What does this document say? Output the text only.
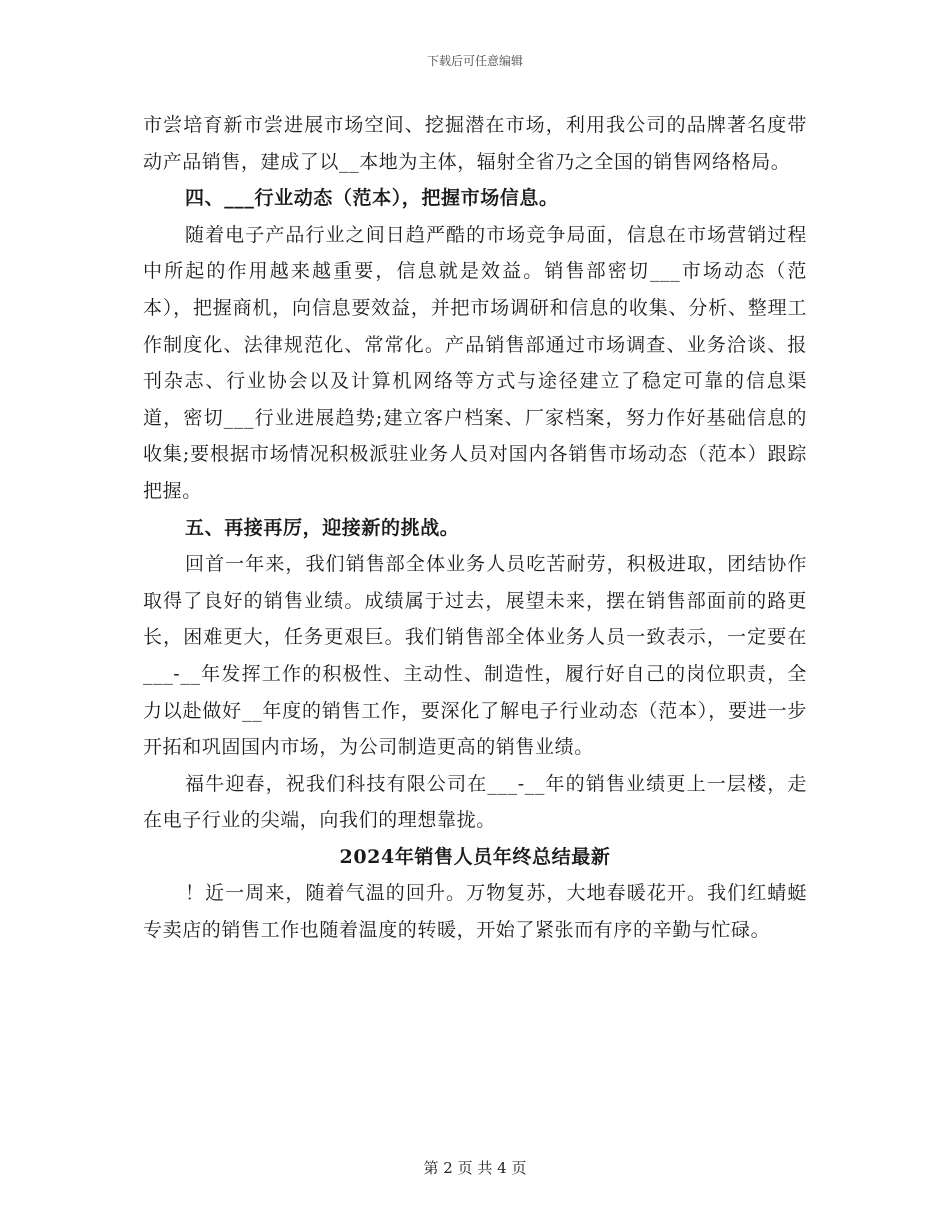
下载后可任意编辑

市尝培育新市尝进展市场空间、挖掘潜在市场，利用我公司的品牌著名度带动产品销售，建成了以__本地为主体，辐射全省乃之全国的销售网络格局。

四、___行业动态（范本），把握市场信息。

随着电子产品行业之间日趋严酷的市场竞争局面，信息在市场营销过程中所起的作用越来越重要，信息就是效益。销售部密切___市场动态（范本），把握商机，向信息要效益，并把市场调研和信息的收集、分析、整理工作制度化、法律规范化、常常化。产品销售部通过市场调查、业务洽谈、报刊杂志、行业协会以及计算机网络等方式与途径建立了稳定可靠的信息渠道，密切___行业进展趋势;建立客户档案、厂家档案，努力作好基础信息的收集;要根据市场情况积极派驻业务人员对国内各销售市场动态（范本）跟踪把握。

五、再接再厉，迎接新的挑战。

回首一年来，我们销售部全体业务人员吃苦耐劳，积极进取，团结协作取得了良好的销售业绩。成绩属于过去，展望未来，摆在销售部面前的路更长，困难更大，任务更艰巨。我们销售部全体业务人员一致表示，一定要在___-__年发挥工作的积极性、主动性、制造性，履行好自己的岗位职责，全力以赴做好__年度的销售工作，要深化了解电子行业动态（范本），要进一步开拓和巩固国内市场，为公司制造更高的销售业绩。

福牛迎春，祝我们科技有限公司在___-__年的销售业绩更上一层楼，走在电子行业的尖端，向我们的理想靠拢。

2024年销售人员年终总结最新

！近一周来，随着气温的回升。万物复苏，大地春暖花开。我们红蜻蜓专卖店的销售工作也随着温度的转暖，开始了紧张而有序的辛勤与忙碌。

第 2 页 共 4 页
